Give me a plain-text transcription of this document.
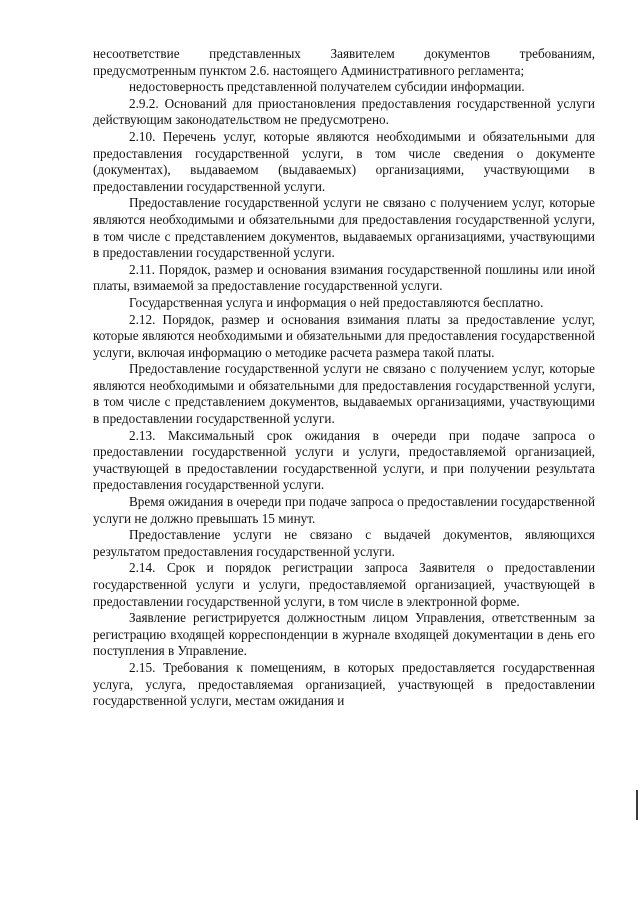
несоответствие представленных Заявителем документов требованиям, предусмотренным пунктом 2.6. настоящего Административного регламента;

недостоверность представленной получателем субсидии информации.

2.9.2. Оснований для приостановления предоставления государственной услуги действующим законодательством не предусмотрено.

2.10. Перечень услуг, которые являются необходимыми и обязательными для предоставления государственной услуги, в том числе сведения о документе (документах), выдаваемом (выдаваемых) организациями, участвующими в предоставлении государственной услуги.

Предоставление государственной услуги не связано с получением услуг, которые являются необходимыми и обязательными для предоставления государственной услуги, в том числе с представлением документов, выдаваемых организациями, участвующими в предоставлении государственной услуги.

2.11. Порядок, размер и основания взимания государственной пошлины или иной платы, взимаемой за предоставление государственной услуги.

Государственная услуга и информация о ней предоставляются бесплатно.

2.12. Порядок, размер и основания взимания платы за предоставление услуг, которые являются необходимыми и обязательными для предоставления государственной услуги, включая информацию о методике расчета размера такой платы.

Предоставление государственной услуги не связано с получением услуг, которые являются необходимыми и обязательными для предоставления государственной услуги, в том числе с представлением документов, выдаваемых организациями, участвующими в предоставлении государственной услуги.

2.13. Максимальный срок ожидания в очереди при подаче запроса о предоставлении государственной услуги и услуги, предоставляемой организацией, участвующей в предоставлении государственной услуги, и при получении результата предоставления государственной услуги.

Время ожидания в очереди при подаче запроса о предоставлении государственной услуги не должно превышать 15 минут.

Предоставление услуги не связано с выдачей документов, являющихся результатом предоставления государственной услуги.

2.14. Срок и порядок регистрации запроса Заявителя о предоставлении государственной услуги и услуги, предоставляемой организацией, участвующей в предоставлении государственной услуги, в том числе в электронной форме.

Заявление регистрируется должностным лицом Управления, ответственным за регистрацию входящей корреспонденции в журнале входящей документации в день его поступления в Управление.

2.15. Требования к помещениям, в которых предоставляется государственная услуга, услуга, предоставляемая организацией, участвующей в предоставлении государственной услуги, местам ожидания и
